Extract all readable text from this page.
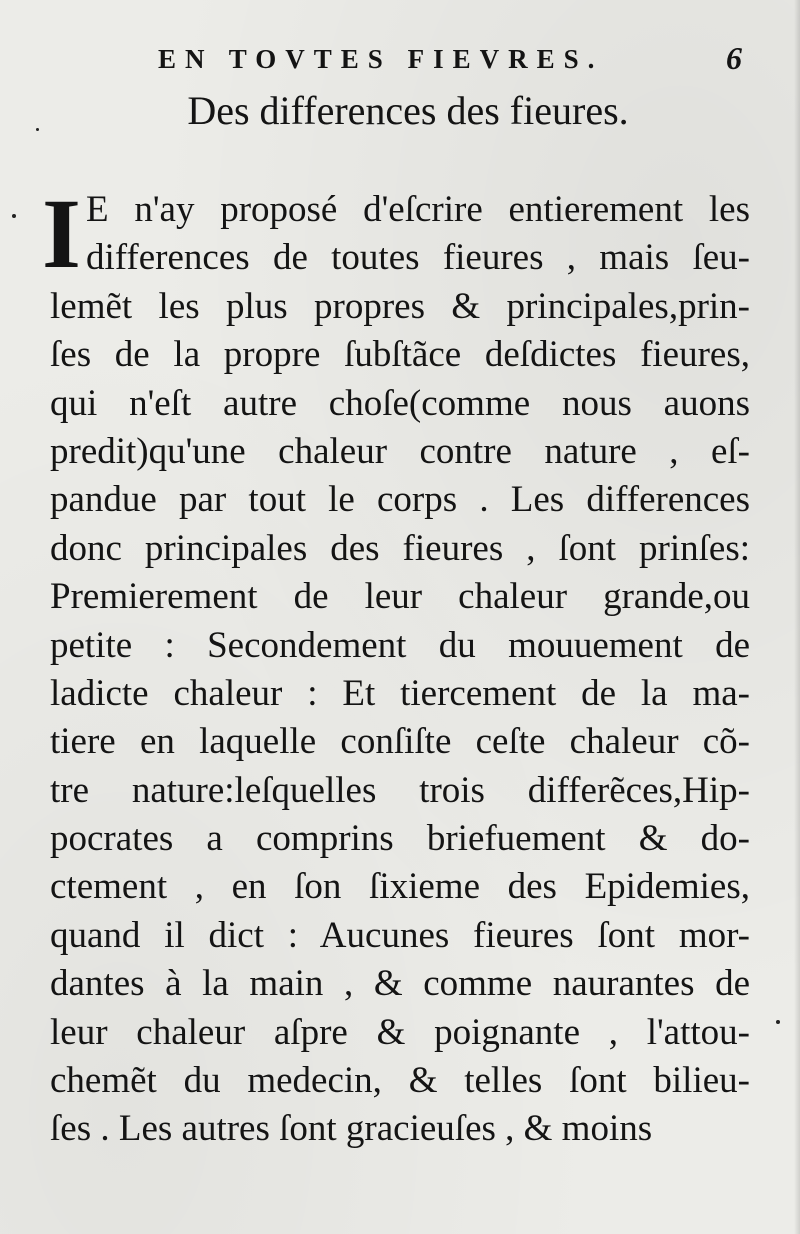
EN TOVTES FIEVRES.	6
Des differences des fieures.
I E n'ay proposé d'eſcrire entierement les
differences de toutes fieures , mais ſeu-
lemẽt les plus propres & principales,prin-
ſes de la propre ſubſtãce deſdictes fieures,
qui n'eſt autre choſe(comme nous auons
predit)qu'une chaleur contre nature , eſ-
pandue par tout le corps . Les differences
donc principales des fieures , ſont prinſes:
Premierement de leur chaleur grande,ou
petite : Secondement du mouuement de
ladicte chaleur : Et tiercement de la ma-
tiere en laquelle conſiſte ceſte chaleur cõ-
tre nature:leſquelles trois differẽces,Hip-
pocrates a comprins briefuement & do-
ctement , en ſon ſixieme des Epidemies,
quand il dict : Aucunes fieures ſont mor-
dantes à la main , & comme naurantes de
leur chaleur aſpre & poignante , l'attou-
chemẽt du medecin, & telles ſont bilieu-
ſes . Les autres ſont gracieuſes , & moins
